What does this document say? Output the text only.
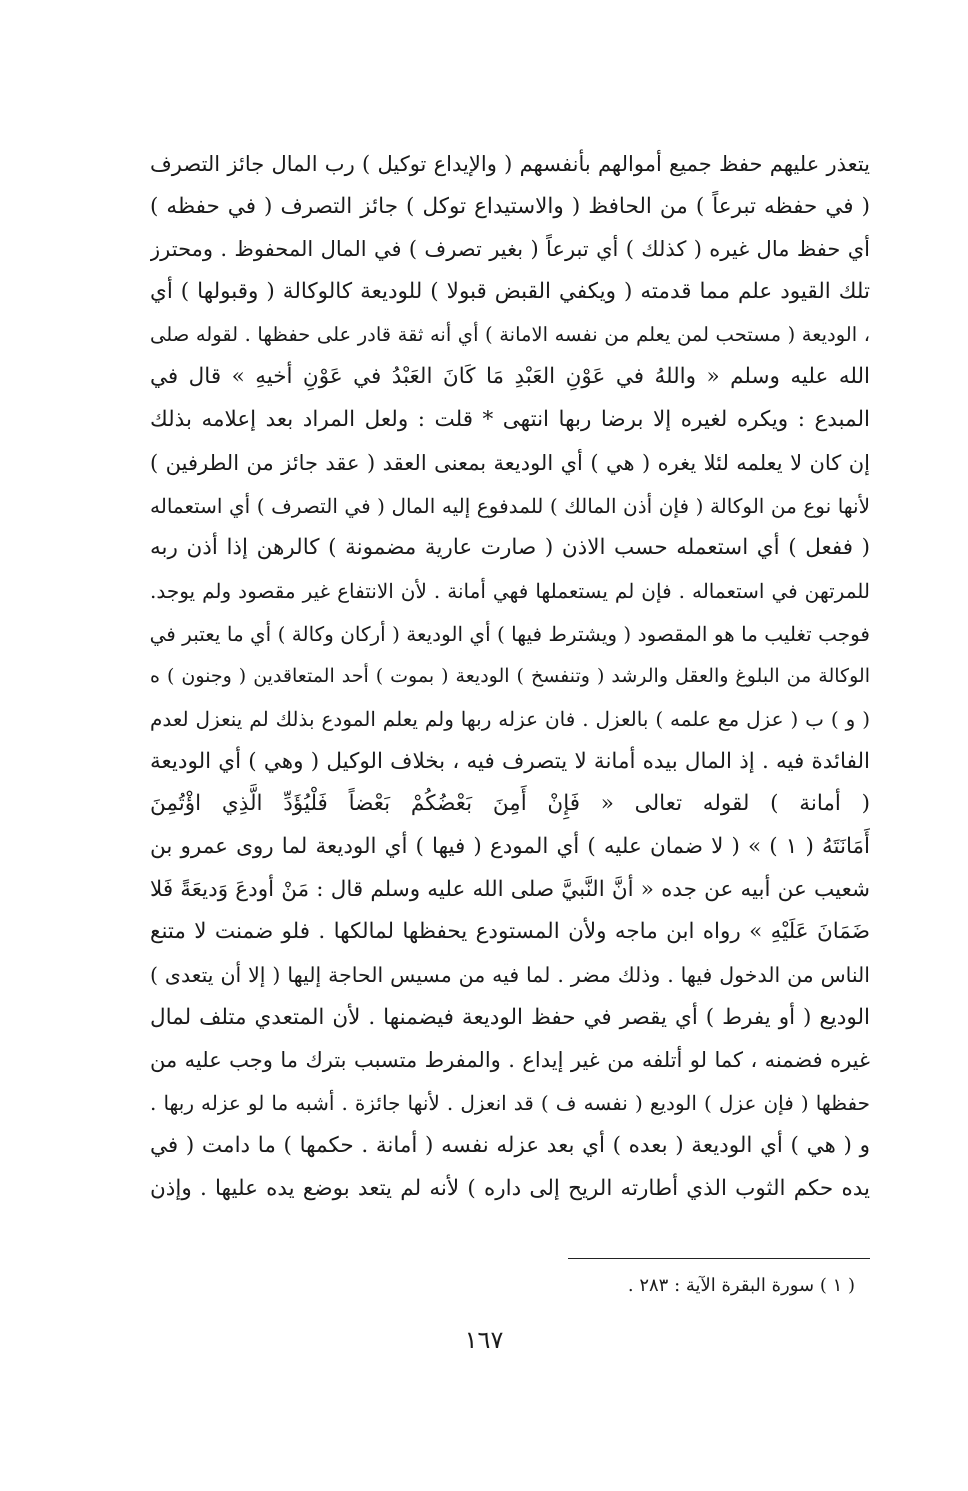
يتعذر عليهم حفظ جميع أموالهم بأنفسهم ( والإيداع توكيل ) رب المال جائز التصرف
( في حفظه تبرعاً ) من الحافظ ( والاستيداع توكل ) جائز التصرف ( في حفظه )
أي حفظ مال غيره ( كذلك ) أي تبرعاً ( بغير تصرف ) في المال المحفوظ . ومحترز
تلك القيود علم مما قدمته ( ويكفي القبض قبولا ) للوديعة كالوكالة ( وقبولها ) أي
، الوديعة ( مستحب لمن يعلم من نفسه الامانة ) أي أنه ثقة قادر على حفظها . لقوله صلى
الله عليه وسلم « واللهُ في عَوْنِ العَبْدِ مَا كَانَ العَبْدُ في عَوْنِ أخيهِ » قال في
المبدع : ويكره لغيره إلا برضا ربها انتهى * قلت : ولعل المراد بعد إعلامه بذلك
إن كان لا يعلمه لئلا يغره ( هي ) أي الوديعة بمعنى العقد ( عقد جائز من الطرفين )
لأنها نوع من الوكالة ( فإن أذن المالك ) للمدفوع إليه المال ( في التصرف ) أي استعماله
( ففعل ) أي استعمله حسب الاذن ( صارت عارية مضمونة ) كالرهن إذا أذن ربه
للمرتهن في استعماله . فإن لم يستعملها فهي أمانة . لأن الانتفاع غير مقصود ولم يوجد.
فوجب تغليب ما هو المقصود ( ويشترط فيها ) أي الوديعة ( أركان وكالة ) أي ما يعتبر في
الوكالة من البلوغ والعقل والرشد ( وتنفسخ ) الوديعة ( بموت ) أحد المتعاقدين ( وجنون ) ه
( و ) ب ( عزل مع علمه ) بالعزل . فان عزله ربها ولم يعلم المودع بذلك لم ينعزل لعدم
الفائدة فيه . إذ المال بيده أمانة لا يتصرف فيه ، بخلاف الوكيل ( وهي ) أي الوديعة
( أمانة ) لقوله تعالى « فَإِنْ أَمِنَ بَعْضُكُمْ بَعْضاً فَلْيُؤَدِّ الَّذِي اؤْتُمِنَ
أَمَانَتَهُ ( ١ ) » ( لا ضمان عليه ) أي المودع ( فيها ) أي الوديعة لما روى عمرو بن
شعيب عن أبيه عن جده « أنَّ النَّبيَّ صلى الله عليه وسلم قال : مَنْ أودعَ وَديعَةً فَلا
ضَمَانَ عَلَيْهِ » رواه ابن ماجه ولأن المستودع يحفظها لمالكها . فلو ضمنت لا متنع
الناس من الدخول فيها . وذلك مضر . لما فيه من مسيس الحاجة إليها ( إلا أن يتعدى )
الوديع ( أو يفرط ) أي يقصر في حفظ الوديعة فيضمنها . لأن المتعدي متلف لمال
غيره فضمنه ، كما لو أتلفه من غير إيداع . والمفرط متسبب بترك ما وجب عليه من
حفظها ( فإن عزل ) الوديع ( نفسه ف ) قد انعزل . لأنها جائزة . أشبه ما لو عزله ربها .
و ( هي ) أي الوديعة ( بعده ) أي بعد عزله نفسه ( أمانة . حكمها ) ما دامت ( في
يده حكم الثوب الذي أطارته الريح إلى داره ) لأنه لم يتعد بوضع يده عليها . وإذن
( ١ ) سورة البقرة الآية : ٢٨٣ .
١٦٧
